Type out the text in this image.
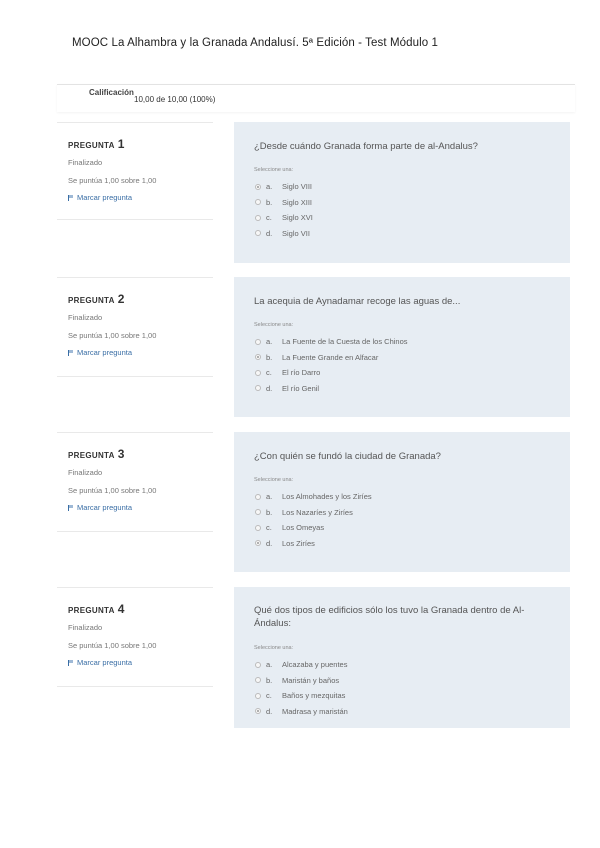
MOOC La Alhambra y la Granada Andalusí. 5ª Edición - Test Módulo 1
Calificación
10,00 de 10,00 (100%)
PREGUNTA 1
Finalizado
Se puntúa 1,00 sobre 1,00
Marcar pregunta
¿Desde cuándo Granada forma parte de al-Andalus?
Seleccione una:
a.	Siglo VIII
b.	Siglo XIII
c.	Siglo XVI
d.	Siglo VII
PREGUNTA 2
Finalizado
Se puntúa 1,00 sobre 1,00
Marcar pregunta
La acequia de Aynadamar recoge las aguas de...
Seleccione una:
a.	La Fuente de la Cuesta de los Chinos
b.	La Fuente Grande en Alfacar
c.	El río Darro
d.	El río Genil
PREGUNTA 3
Finalizado
Se puntúa 1,00 sobre 1,00
Marcar pregunta
¿Con quién se fundó la ciudad de Granada?
Seleccione una:
a.	Los Almohades y los Ziríes
b.	Los Nazaríes y Ziríes
c.	Los Omeyas
d.	Los Ziríes
PREGUNTA 4
Finalizado
Se puntúa 1,00 sobre 1,00
Marcar pregunta
Qué dos tipos de edificios sólo los tuvo la Granada dentro de Al-Ándalus:
Seleccione una:
a.	Alcazaba y puentes
b.	Maristán y baños
c.	Baños y mezquitas
d.	Madrasa y maristán
